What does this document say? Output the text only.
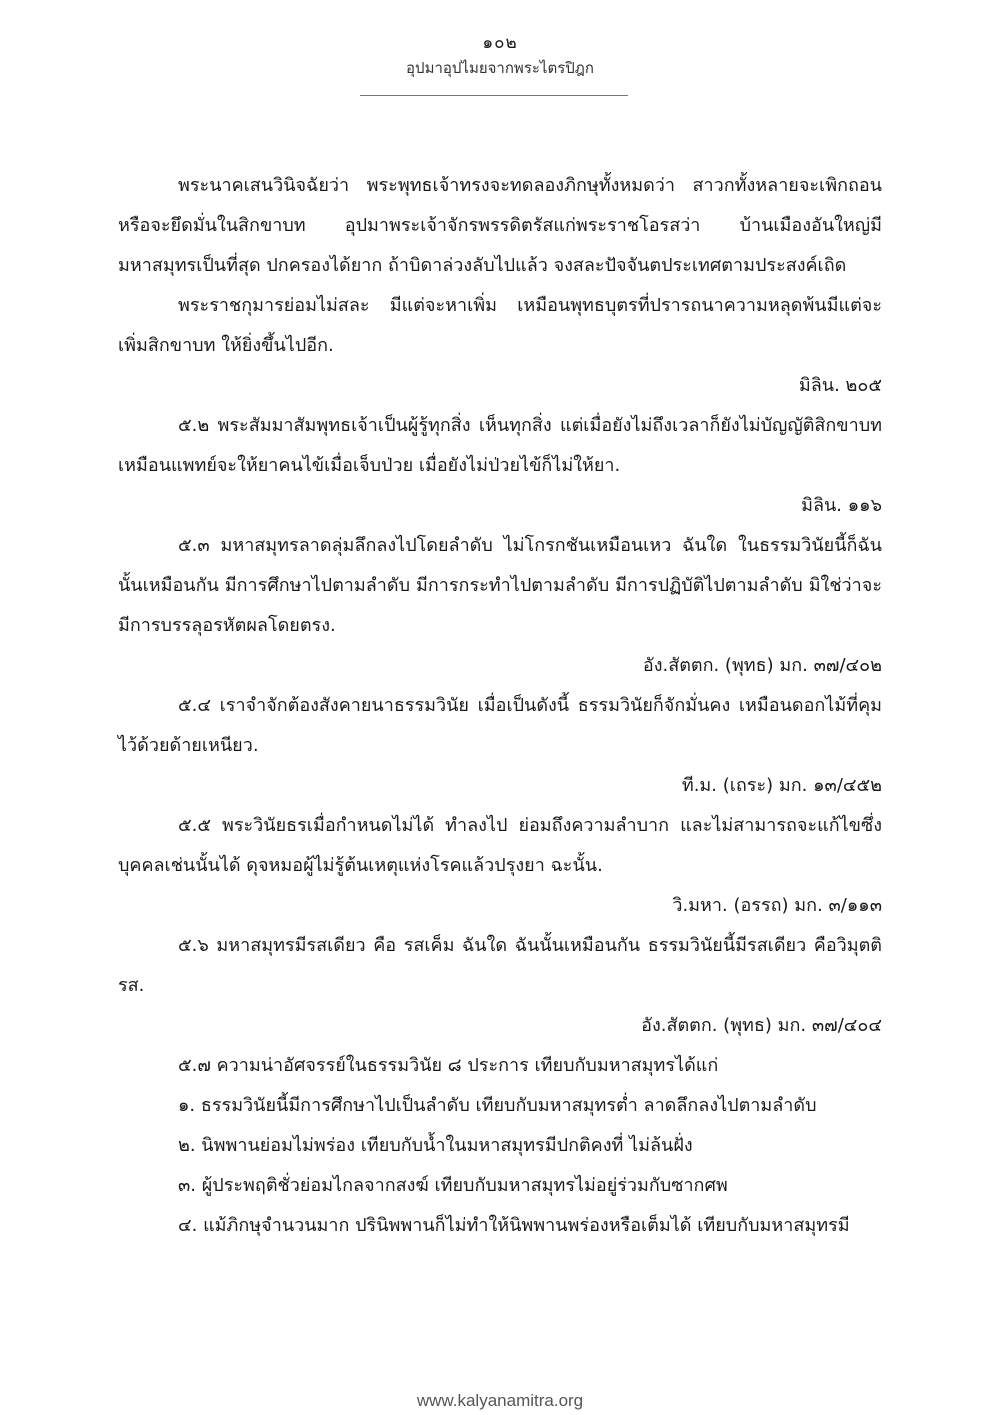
๑๐๒
อุปมาอุปไมยจากพระไตรปิฎก

พระนาคเสนวินิจฉัยว่า พระพุทธเจ้าทรงจะทดลองภิกษุทั้งหมดว่า สาวกทั้งหลายจะเพิกถอนหรือจะยึดมั่นในสิกขาบท อุปมาพระเจ้าจักรพรรดิตรัสแก่พระราชโอรสว่า บ้านเมืองอันใหญ่มีมหาสมุทรเป็นที่สุด ปกครองได้ยาก ถ้าบิดาล่วงลับไปแล้ว จงสละปัจจันตประเทศตามประสงค์เถิด

พระราชกุมารย่อมไม่สละ มีแต่จะหาเพิ่ม เหมือนพุทธบุตรที่ปรารถนาความหลุดพ้นมีแต่จะเพิ่มสิกขาบท ให้ยิ่งขึ้นไปอีก.

มิลิน. ๒๐๕

๕.๒ พระสัมมาสัมพุทธเจ้าเป็นผู้รู้ทุกสิ่ง เห็นทุกสิ่ง แต่เมื่อยังไม่ถึงเวลาก็ยังไม่บัญญัติสิกขาบท เหมือนแพทย์จะให้ยาคนไข้เมื่อเจ็บป่วย เมื่อยังไม่ป่วยไข้ก็ไม่ให้ยา.

มิลิน. ๑๑๖

๕.๓ มหาสมุทรลาดลุ่มลึกลงไปโดยลำดับ ไม่โกรกชันเหมือนเหว ฉันใด ในธรรมวินัยนี้ก็ฉันนั้นเหมือนกัน มีการศึกษาไปตามลำดับ มีการกระทำไปตามลำดับ มีการปฏิบัติไปตามลำดับ มิใช่ว่าจะมีการบรรลุอรหัตผลโดยตรง.

อัง.สัตตก. (พุทธ) มก. ๓๗/๔๐๒

๕.๔ เราจำจักต้องสังคายนาธรรมวินัย เมื่อเป็นดังนี้ ธรรมวินัยก็จักมั่นคง เหมือนดอกไม้ที่คุมไว้ด้วยด้ายเหนียว.

ที.ม. (เถระ) มก. ๑๓/๔๕๒

๕.๕ พระวินัยธรเมื่อกำหนดไม่ได้ ทำลงไป ย่อมถึงความลำบาก และไม่สามารถจะแก้ไขซึ่งบุคคลเช่นนั้นได้ ดุจหมอผู้ไม่รู้ต้นเหตุแห่งโรคแล้วปรุงยา ฉะนั้น.

วิ.มหา. (อรรถ) มก. ๓/๑๑๓

๕.๖ มหาสมุทรมีรสเดียว คือ รสเค็ม ฉันใด ฉันนั้นเหมือนกัน ธรรมวินัยนี้มีรสเดียว คือวิมุตติรส.

อัง.สัตตก. (พุทธ) มก. ๓๗/๔๐๔

๕.๗ ความน่าอัศจรรย์ในธรรมวินัย ๘ ประการ เทียบกับมหาสมุทรได้แก่

๑. ธรรมวินัยนี้มีการศึกษาไปเป็นลำดับ เทียบกับมหาสมุทรต่ำ ลาดลึกลงไปตามลำดับ

๒. นิพพานย่อมไม่พร่อง เทียบกับน้ำในมหาสมุทรมีปกติคงที่ ไม่ล้นฝั่ง

๓. ผู้ประพฤติชั่วย่อมไกลจากสงฆ์ เทียบกับมหาสมุทรไม่อยู่ร่วมกับซากศพ

๔. แม้ภิกษุจำนวนมาก ปรินิพพานก็ไม่ทำให้นิพพานพร่องหรือเต็มได้ เทียบกับมหาสมุทรมี

www.kalyanamitra.org
